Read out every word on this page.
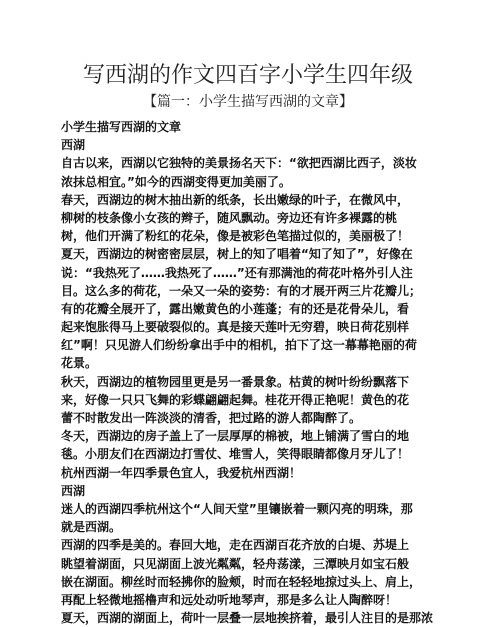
写西湖的作文四百字小学生四年级
【篇一：小学生描写西湖的文章】
小学生描写西湖的文章
西湖
自古以来，西湖以它独特的美景扬名天下：“欲把西湖比西子，淡妆
浓抹总相宜。”如今的西湖变得更加美丽了。
春天，西湖边的树木抽出新的纸条，长出嫩绿的叶子，在微风中，
柳树的枝条像小女孩的辫子，随风飘动。旁边还有许多裸露的桃
树，他们开满了粉红的花朵，像是被彩色笔描过似的，美丽极了！
夏天，西湖边的树密密层层，树上的知了唱着“知了知了”，好像在
说：“我热死了……我热死了……”还有那满池的荷花叶格外引人注
目。这么多的荷花，一朵又一朵的姿势：有的才展开两三片花瓣儿；
有的花瓣全展开了，露出嫩黄色的小莲蓬；有的还是花骨朵儿，看
起来饱胀得马上要破裂似的。真是接天莲叶无穷碧，映日荷花别样
红”啊！只见游人们纷纷拿出手中的相机，拍下了这一幕幕艳丽的荷
花景。
秋天，西湖边的植物园里更是另一番景象。枯黄的树叶纷纷飘落下
来，好像一只只飞舞的彩蝶翩翩起舞。桂花开得正艳呢！黄色的花
蕾不时散发出一阵淡淡的清香，把过路的游人都陶醉了。
冬天，西湖边的房子盖上了一层厚厚的棉被，地上铺满了雪白的地
毯。小朋友们在西湖边打雪仗、堆雪人，笑得眼睛都像月牙儿了！
杭州西湖一年四季景色宜人，我爱杭州西湖！
西湖
迷人的西湖四季杭州这个“人间天堂”里镶嵌着一颗闪亮的明珠，那
就是西湖。
西湖的四季是美的。春回大地，走在西湖百花齐放的白堤、苏堤上
眺望着湖面，只见湖面上波光粼粼，轻舟荡漾，三潭映月如宝石般
嵌在湖面。柳丝时而轻拂你的脸颊，时而在轻轻地掠过头上、肩上，
再配上轻微地摇橹声和远处动听地琴声，那是多么让人陶醉呀！
夏天，西湖的湖面上，荷叶一层叠一层地挨挤着，最引人注目的是那浓
